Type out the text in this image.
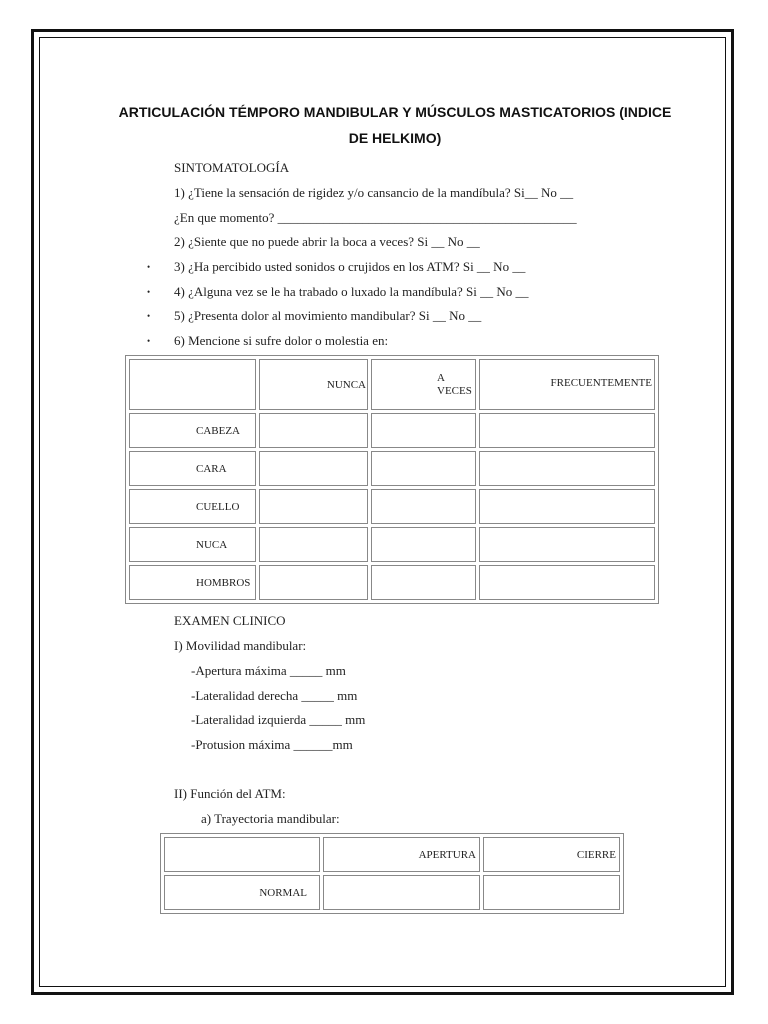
ARTICULACIÓN TÉMPORO MANDIBULAR Y MÚSCULOS MASTICATORIOS (INDICE
DE HELKIMO)
SINTOMATOLOGÍA
1) ¿Tiene la sensación de rigidez y/o cansancio de la mandíbula? Si__ No __
¿En que momento? ______________________________________________
2) ¿Siente que no puede abrir la boca a veces? Si __ No __
• 3) ¿Ha percibido usted sonidos o crujidos en los ATM? Si __ No __
• 4) ¿Alguna vez se le ha trabado o luxado la mandíbula? Si __ No __
• 5) ¿Presenta dolor al movimiento mandibular? Si __ No __
• 6) Mencione si sufre dolor o molestia en:
	NUNCA	A
VECES	FRECUENTEMENTE
CABEZA			
CARA			
CUELLO			
NUCA			
HOMBROS			
EXAMEN CLINICO
I) Movilidad mandibular:
-Apertura máxima _____ mm
-Lateralidad derecha _____ mm
-Lateralidad izquierda _____ mm
-Protusion máxima ______mm
II) Función del ATM:
a) Trayectoria mandibular:
	APERTURA	CIERRE
NORMAL		
